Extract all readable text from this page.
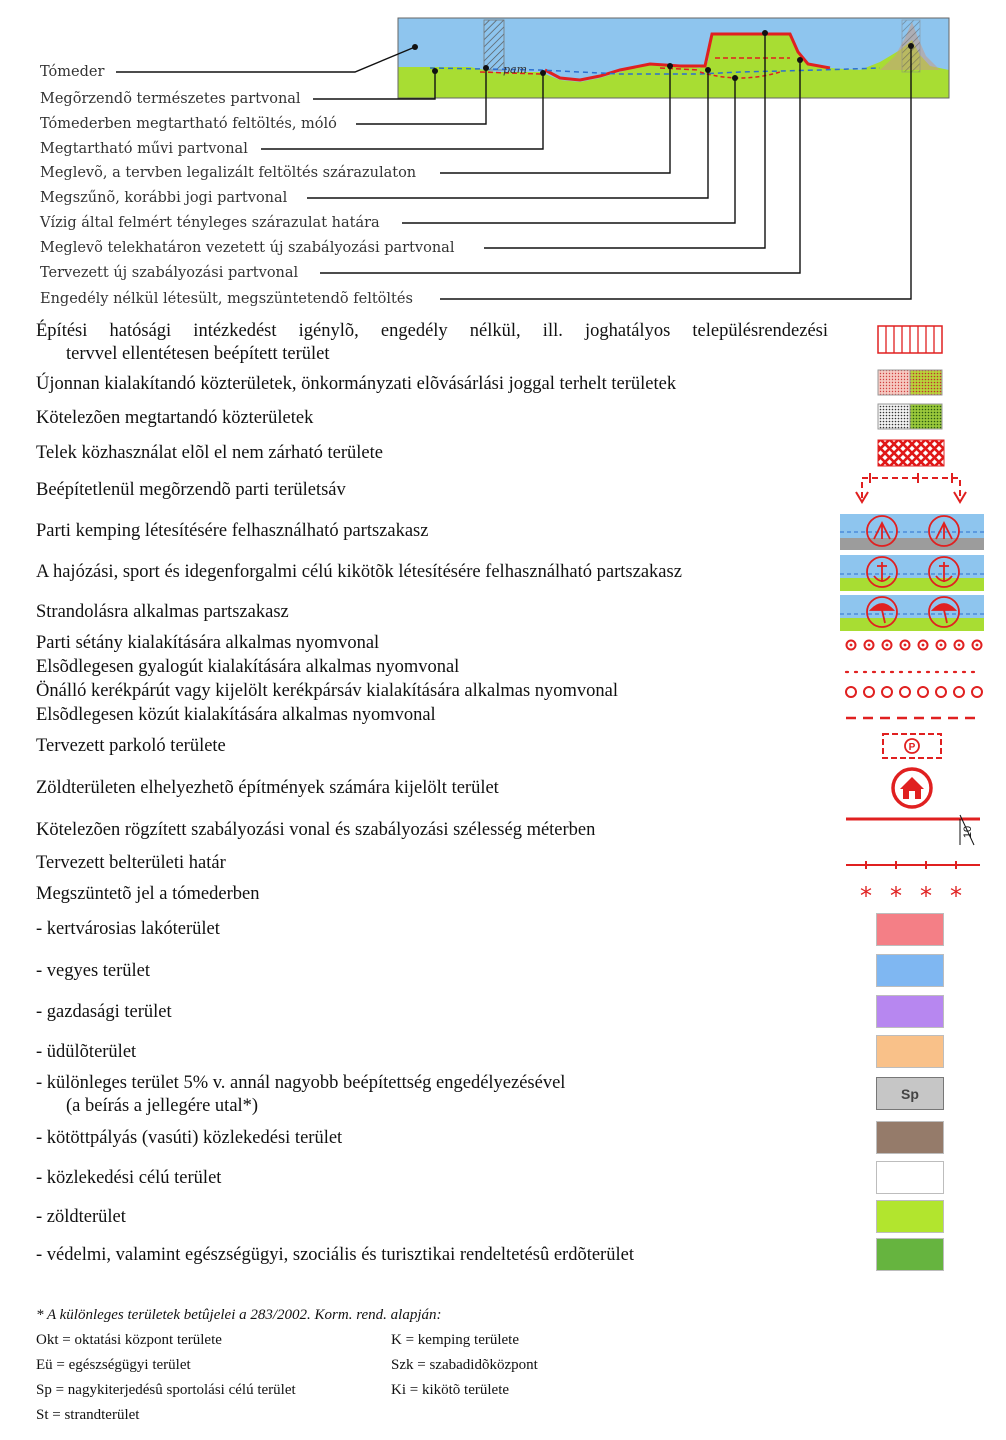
pam
Tómeder
Megõrzendõ természetes partvonal
Tómederben megtartható feltöltés, móló
Megtartható művi partvonal
Meglevõ, a tervben legalizált feltöltés szárazulaton
Megszűnõ, korábbi jogi partvonal
Vízig által felmért tényleges szárazulat határa
Meglevõ telekhatáron vezetett új szabályozási partvonal
Tervezett új szabályozási partvonal
Engedély nélkül létesült, megszüntetendõ feltöltés
Építési hatósági intézkedést igénylõ, engedély nélkül, ill. joghatályos településrendezési
tervvel ellentétesen beépített terület
Újonnan kialakítandó közterületek, önkormányzati elõvásárlási joggal terhelt területek
Kötelezõen megtartandó közterületek
Telek közhasználat elõl el nem zárható területe
Beépítetlenül megõrzendõ parti területsáv
Parti kemping létesítésére felhasználható partszakasz
A hajózási, sport és idegenforgalmi célú kikötõk létesítésére felhasználható partszakasz
Strandolásra alkalmas partszakasz
Parti sétány kialakítására alkalmas nyomvonal
Elsõdlegesen gyalogút kialakítására alkalmas nyomvonal
Önálló kerékpárút vagy kijelölt kerékpársáv kialakítására alkalmas nyomvonal
Elsõdlegesen közút kialakítására alkalmas nyomvonal
Tervezett parkoló területe
Zöldterületen elhelyezhetõ építmények számára kijelölt terület
Kötelezõen rögzített szabályozási vonal és szabályozási szélesség méterben
Tervezett belterületi határ
Megszüntetõ jel a tómederben
P
10
* * * *
- kertvárosias lakóterület
- vegyes terület
- gazdasági terület
- üdülõterület
- különleges terület 5% v. annál nagyobb beépítettség engedélyezésével
(a beírás a jellegére utal*)
- kötöttpályás (vasúti) közlekedési terület
- közlekedési célú terület
- zöldterület
- védelmi, valamint egészségügyi, szociális és turisztikai rendeltetésû erdõterület
Sp
* A különleges területek betûjelei a 283/2002. Korm. rend. alapján:
Okt = oktatási központ területe
Eü = egészségügyi terület
Sp = nagykiterjedésû sportolási célú terület
St = strandterület
K = kemping területe
Szk = szabadidõközpont
Ki = kikötõ területe
